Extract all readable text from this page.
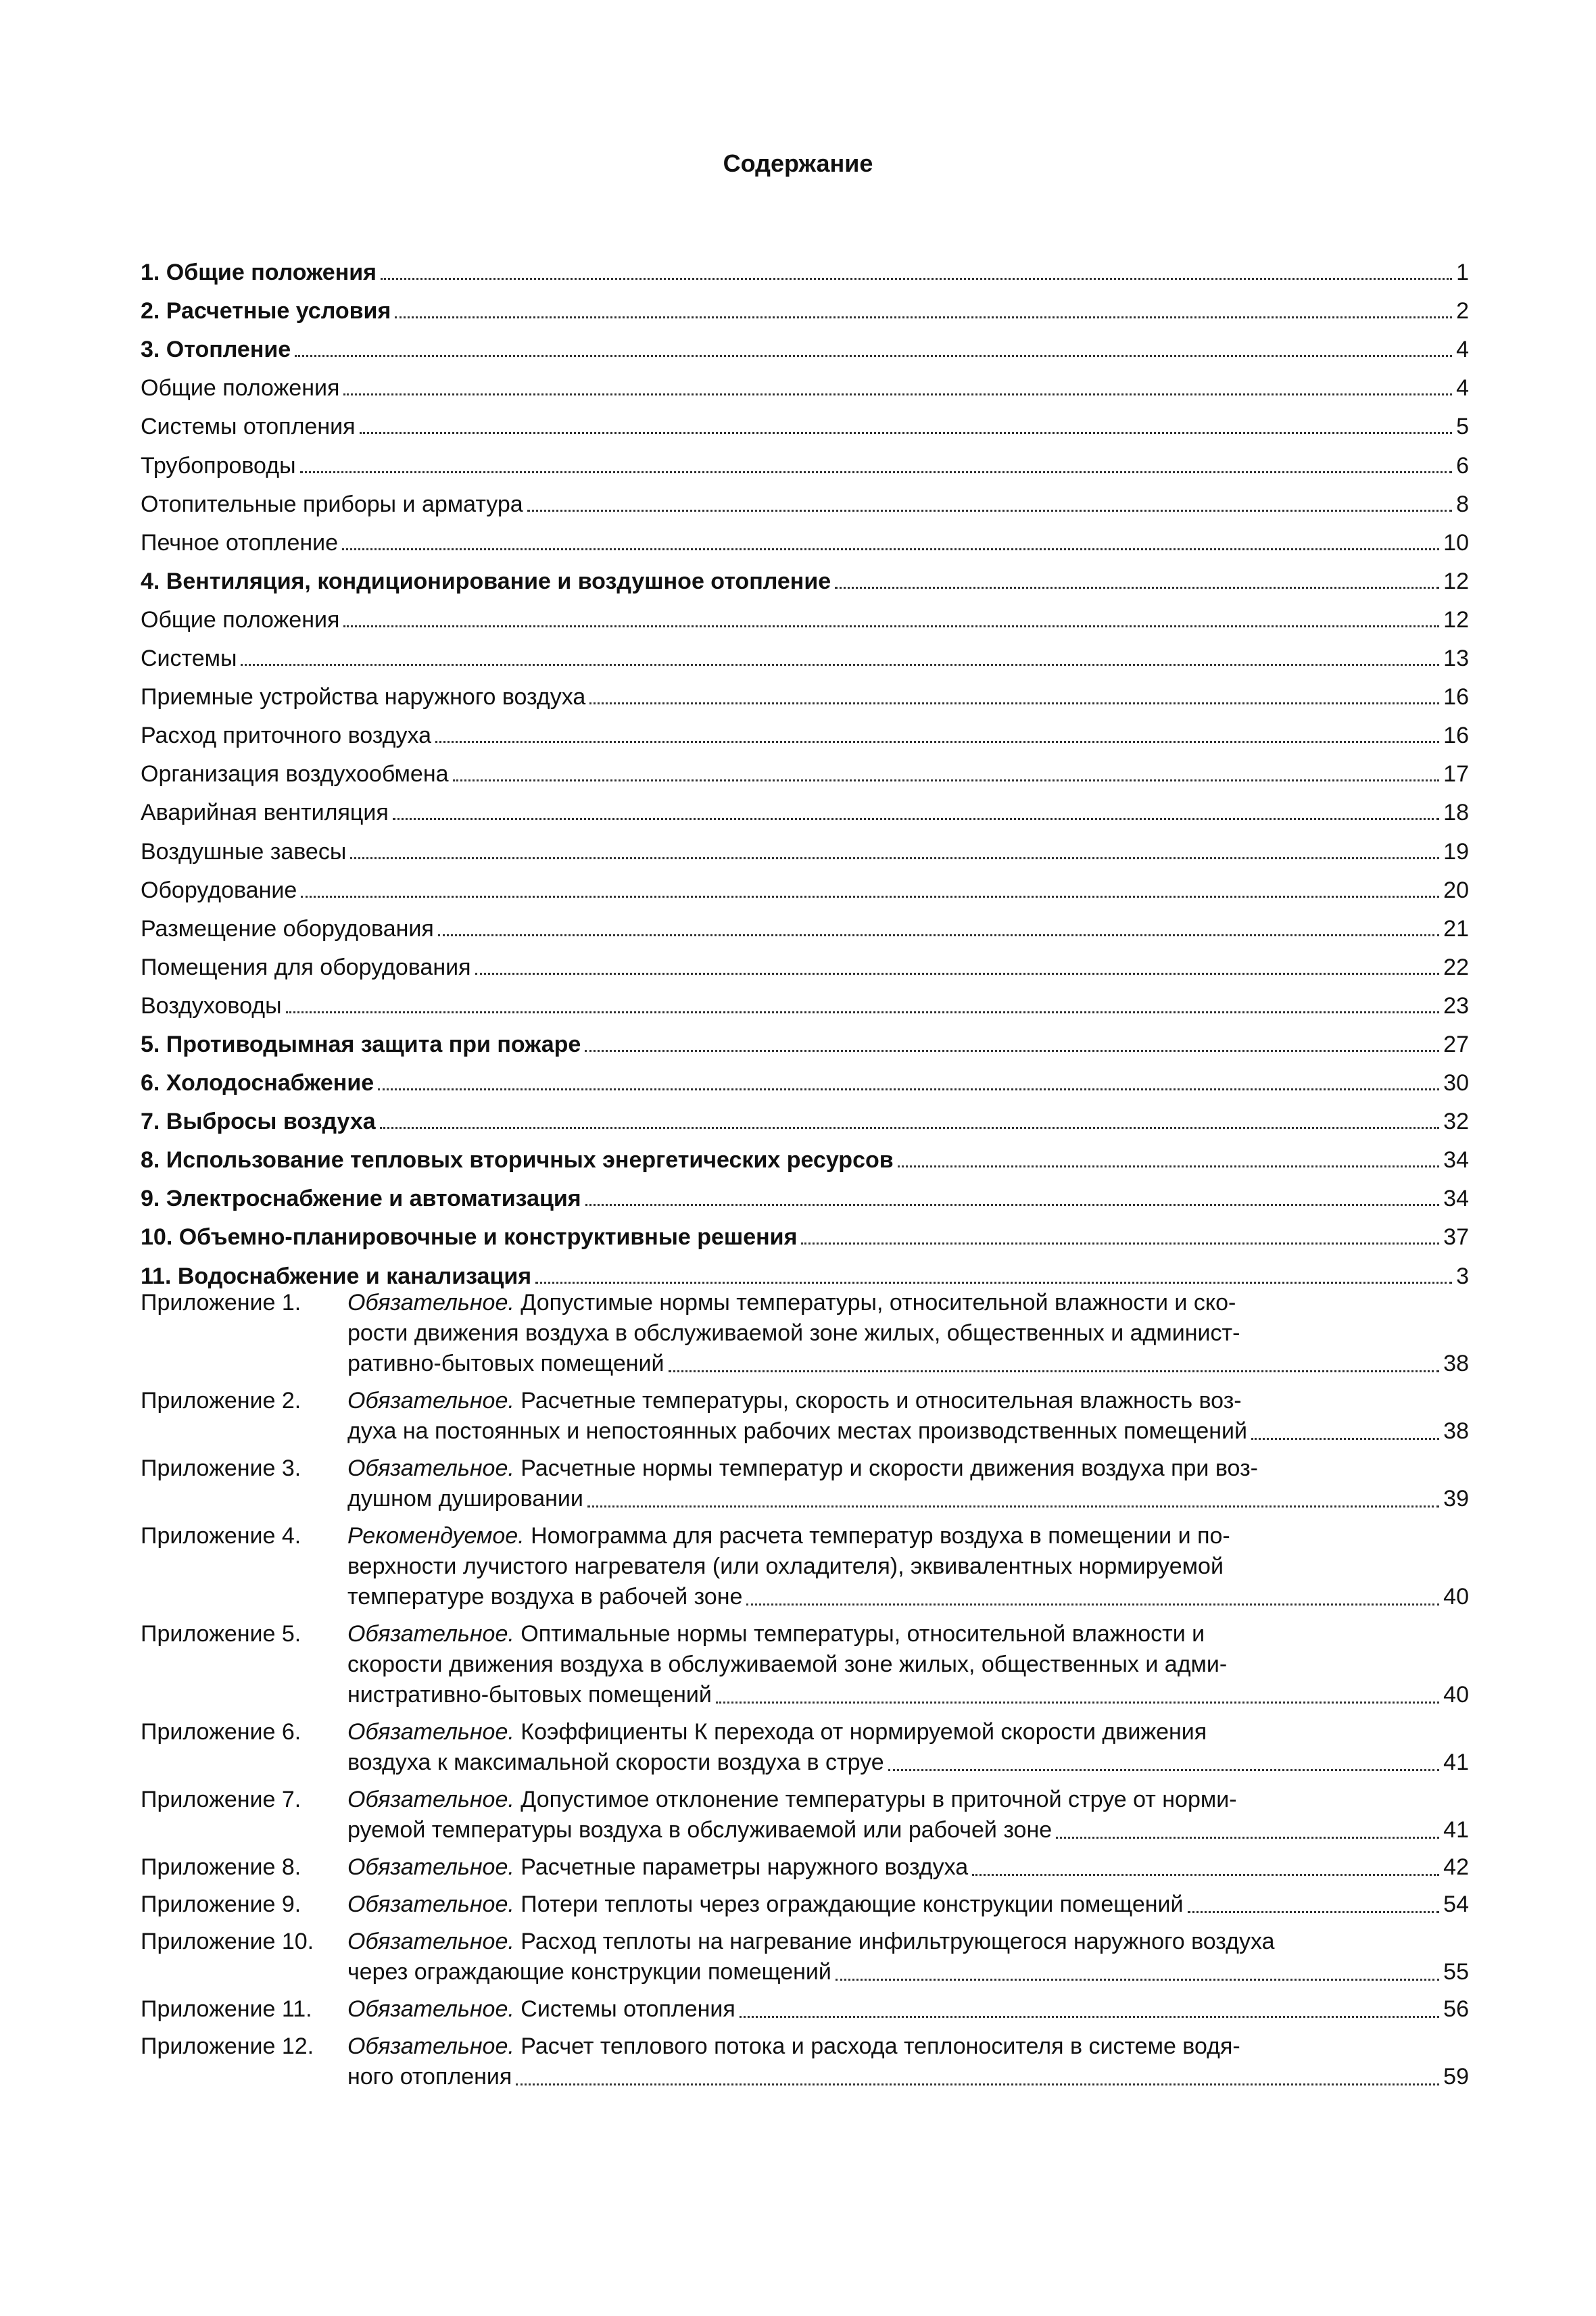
Содержание
1. Общие положения	1
2. Расчетные условия	2
3. Отопление	4
Общие положения	4
Системы отопления	5
Трубопроводы	6
Отопительные приборы и арматура	8
Печное отопление	10
4. Вентиляция, кондиционирование и воздушное отопление	12
Общие положения	12
Системы	13
Приемные устройства наружного воздуха	16
Расход приточного воздуха	16
Организация воздухообмена	17
Аварийная вентиляция	18
Воздушные завесы	19
Оборудование	20
Размещение оборудования	21
Помещения для оборудования	22
Воздуховоды	23
5. Противодымная защита при пожаре	27
6. Холодоснабжение	30
7. Выбросы воздуха	32
8. Использование тепловых вторичных энергетических ресурсов	34
9. Электроснабжение и автоматизация	34
10. Объемно-планировочные и конструктивные решения	37
11. Водоснабжение и канализация	3
Приложение 1.	Обязательное.
Допустимые нормы температуры, относительной влажности и ско-
рости движения воздуха в обслуживаемой зоне жилых, общественных и админист-
ративно-бытовых помещений	38
Приложение 2.	Обязательное.
Расчетные температуры, скорость и относительная влажность воз-
духа на постоянных и непостоянных рабочих местах производственных помещений	38
Приложение 3.	Обязательное.
Расчетные нормы температур и скорости движения воздуха при воз-
душном душировании	39
Приложение 4.	Рекомендуемое.
Номограмма для расчета температур воздуха в помещении и по-
верхности лучистого нагревателя (или охладителя), эквивалентных нормируемой
температуре воздуха в рабочей зоне	40
Приложение 5.	Обязательное.
Оптимальные нормы температуры, относительной влажности и
скорости движения воздуха в обслуживаемой зоне жилых, общественных и адми-
нистративно-бытовых помещений	40
Приложение 6.	Обязательное.
Коэффициенты К перехода от нормируемой скорости движения
воздуха к максимальной скорости воздуха в струе	41
Приложение 7.	Обязательное.
Допустимое отклонение температуры в приточной струе от норми-
руемой температуры воздуха в обслуживаемой или рабочей зоне	41
Приложение 8.	Обязательное.
Расчетные параметры наружного воздуха	42
Приложение 9.	Обязательное.
Потери теплоты через ограждающие конструкции помещений	54
Приложение 10.	Обязательное.
Расход теплоты на нагревание инфильтрующегося наружного воздуха
через ограждающие конструкции помещений	55
Приложение 11.	Обязательное.
Системы отопления	56
Приложение 12.	Обязательное.
Расчет теплового потока и расхода теплоносителя в системе водя-
ного отопления	59
